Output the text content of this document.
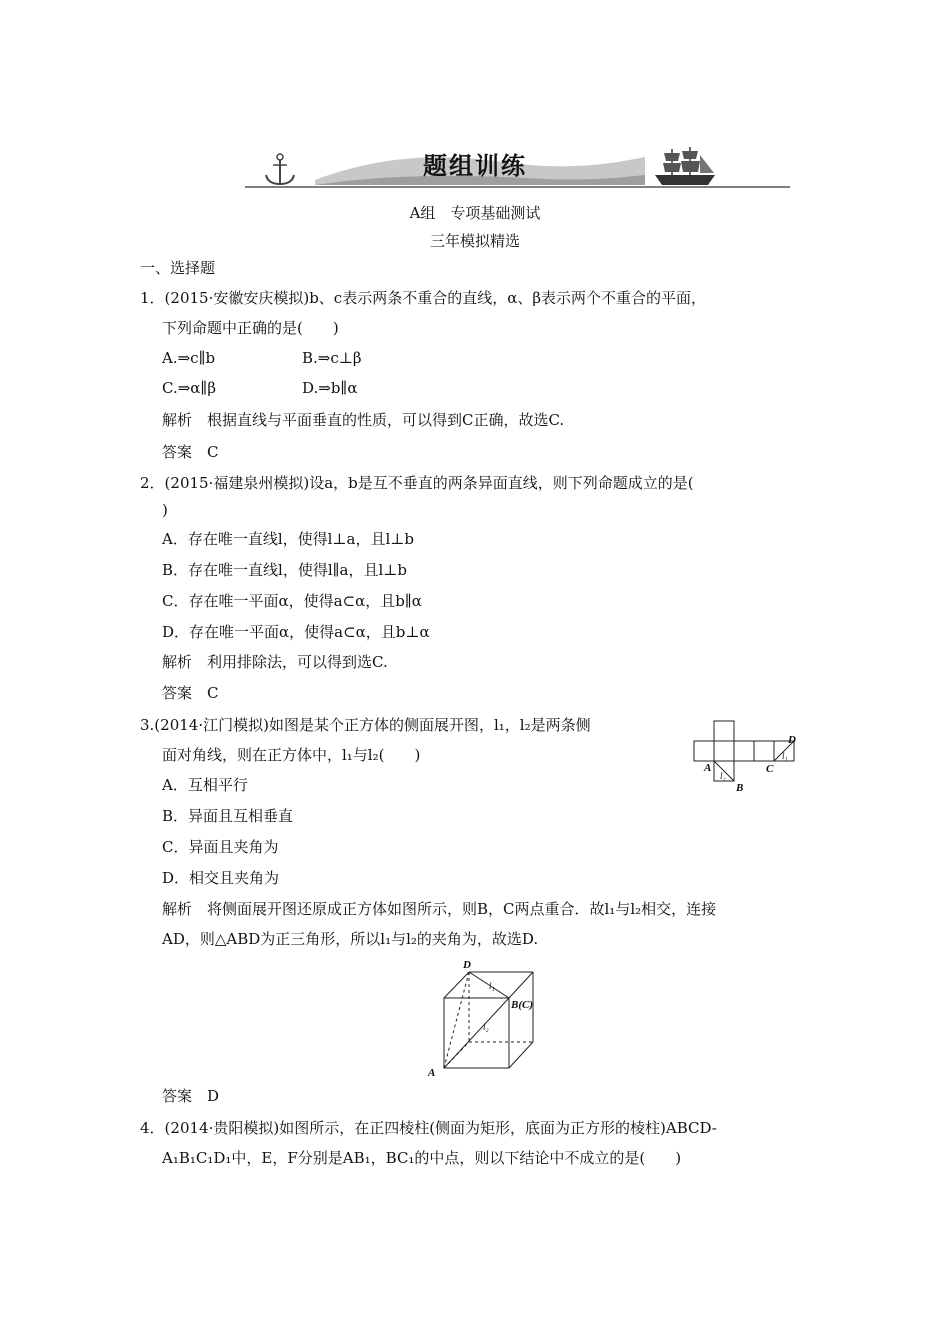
题组训练
A组　专项基础测试
三年模拟精选
一、选择题
1．(2015·安徽安庆模拟)b、c表示两条不重合的直线，α、β表示两个不重合的平面，
下列命题中正确的是(　　)
A.⇒c∥b	B.⇒c⊥β
C.⇒α∥β	D.⇒b∥α
解析　根据直线与平面垂直的性质，可以得到C正确，故选C.
答案　C
2．(2015·福建泉州模拟)设a，b是互不垂直的两条异面直线，则下列命题成立的是(
)
A．存在唯一直线l，使得l⊥a，且l⊥b
B．存在唯一直线l，使得l∥a，且l⊥b
C．存在唯一平面α，使得a⊂α，且b∥α
D．存在唯一平面α，使得a⊂α，且b⊥α
解析　利用排除法，可以得到选C.
答案　C
3.(2014·江门模拟)如图是某个正方体的侧面展开图，l₁，l₂是两条侧
面对角线，则在正方体中，l₁与l₂(　　)
A．互相平行
B．异面且互相垂直
C．异面且夹角为
D．相交且夹角为
解析　将侧面展开图还原成正方体如图所示，则B，C两点重合．故l₁与l₂相交，连接
AD，则△ABD为正三角形，所以l₁与l₂的夹角为，故选D.
答案　D
A
B
C
D
l₁
l₂
D
A
B(C)
l₁
l₂
4．(2014·贵阳模拟)如图所示，在正四棱柱(侧面为矩形，底面为正方形的棱柱)ABCD-
A₁B₁C₁D₁中，E，F分别是AB₁，BC₁的中点，则以下结论中不成立的是(　　)
